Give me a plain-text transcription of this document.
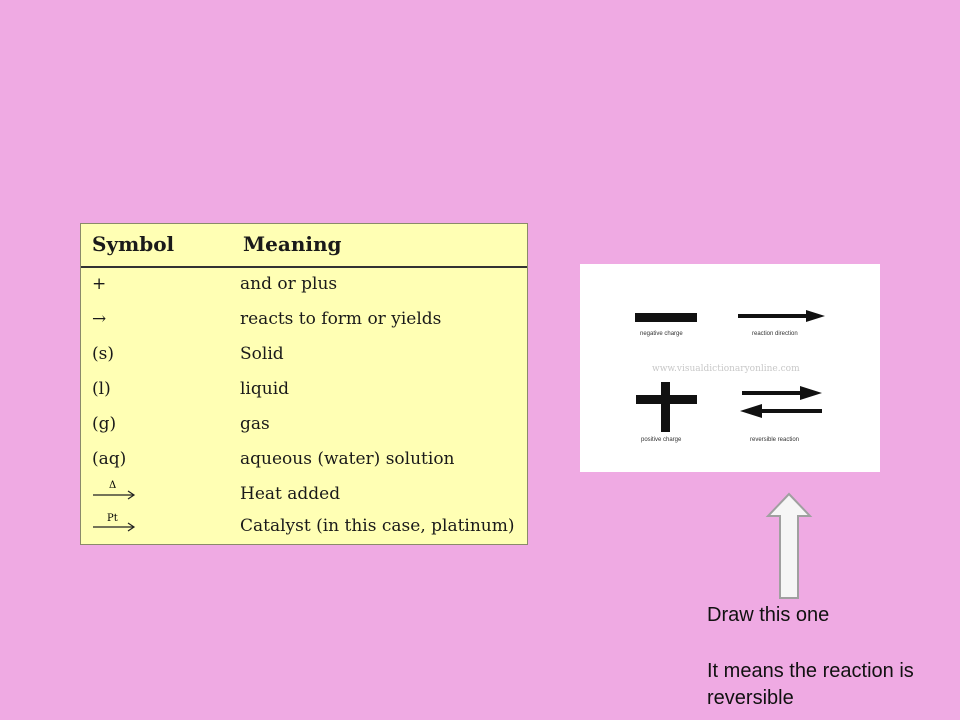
Symbol	Meaning
+	and or plus
→	reacts to form or yields
(s)	Solid
(l)	liquid
(g)	gas
(aq)	aqueous (water) solution
Δ	Heat added
Pt	Catalyst (in this case, platinum)
negative charge	reaction direction
www.visualdictionaryonline.com
positive charge	reversible reaction

Draw this one

It means the reaction is

reversible
